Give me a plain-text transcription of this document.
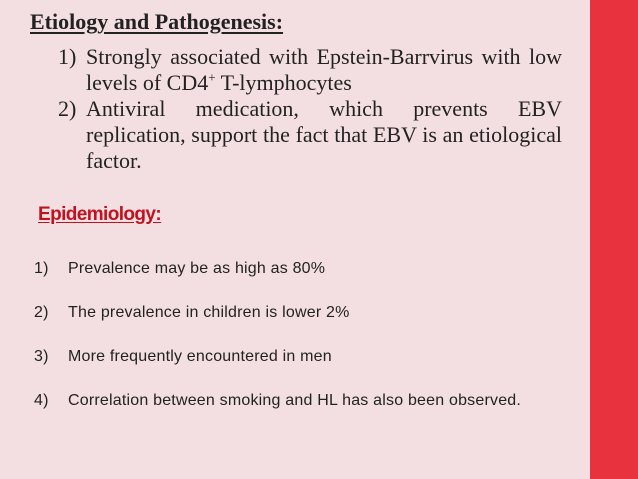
Etiology and Pathogenesis:
1) Strongly associated with Epstein-Barrvirus with low levels of CD4+ T-lymphocytes
2) Antiviral medication, which prevents EBV replication, support the fact that EBV is an etiological factor.
Epidemiology:
1)	Prevalence may be as high as 80%
2)	The prevalence in children is lower 2%
3)	More frequently encountered in men
4)	Correlation between smoking and HL has also been observed.
